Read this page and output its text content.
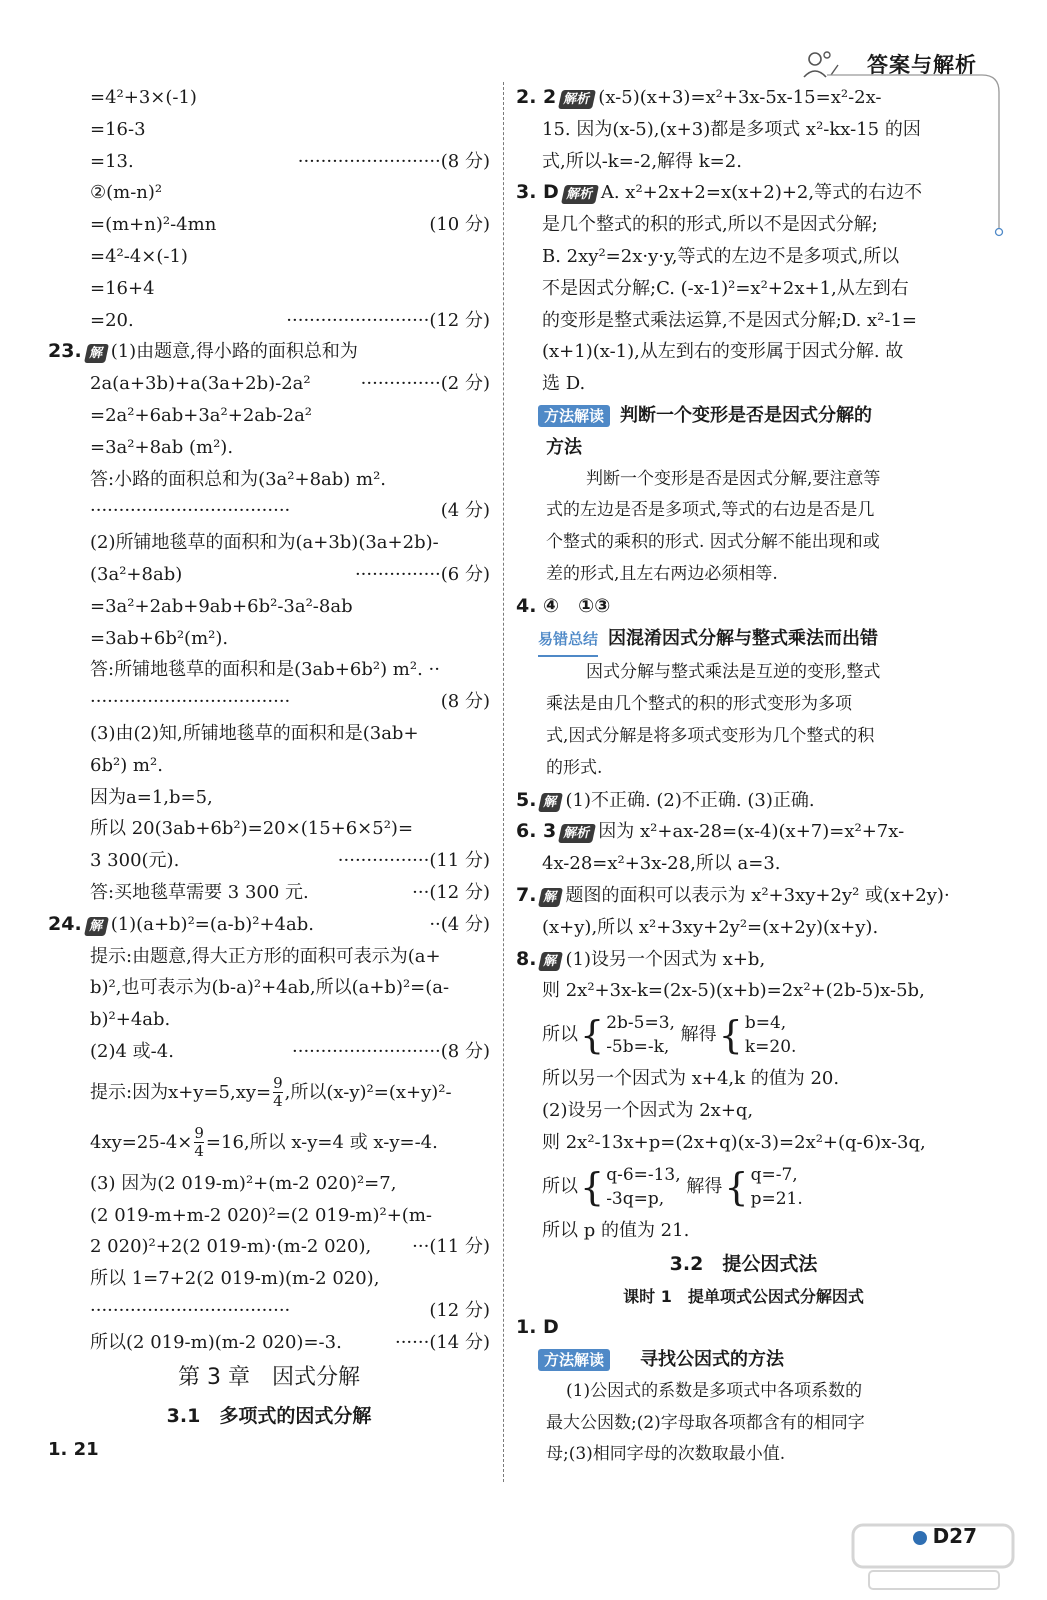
答案与解析
=4²+3×(-1)
=16-3
=13.	·························(8 分)
②(m-n)²
=(m+n)²-4mn	(10 分)
=4²-4×(-1)
=16+4
=20.	·························(12 分)
23. 解 (1)由题意,得小路的面积总和为
2a(a+3b)+a(3a+2b)-2a²	··············(2 分)
=2a²+6ab+3a²+2ab-2a²
=3a²+8ab (m²).
答:小路的面积总和为(3a²+8ab) m².
···································	(4 分)
(2)所铺地毯草的面积和为(a+3b)(3a+2b)-
(3a²+8ab)	···············(6 分)
=3a²+2ab+9ab+6b²-3a²-8ab
=3ab+6b²(m²).
答:所铺地毯草的面积和是(3ab+6b²) m². ··
···································	(8 分)
(3)由(2)知,所铺地毯草的面积和是(3ab+
6b²) m².
因为a=1,b=5,
所以 20(3ab+6b²)=20×(15+6×5²)=
3 300(元).	················(11 分)
答:买地毯草需要 3 300 元.	···(12 分)
24. 解 (1)(a+b)²=(a-b)²+4ab.	··(4 分)
提示:由题意,得大正方形的面积可表示为(a+
b)²,也可表示为(b-a)²+4ab,所以(a+b)²=(a-
b)²+4ab.
(2)4 或-4.	··························(8 分)
提示:因为$x+y=5,xy= \frac{9}{4}$ ,所以(x-y)²=(x+y)²-
$4xy=25-4\times \frac{9}{4} =16$,所以 x-y=4 或 x-y=-4.
(3) 因为(2 019-m)²+(m-2 020)²=7,
(2 019-m+m-2 020)²=(2 019-m)²+(m-
2 020)²+2(2 019-m)·(m-2 020), ···(11 分)
所以 1=7+2(2 019-m)(m-2 020),
···································	(12 分)
所以(2 019-m)(m-2 020)=-3.	······(14 分)
第 3 章　因式分解
3.1　多项式的因式分解
1. 21
2. 2 解析 (x-5)(x+3)=x²+3x-5x-15=x²-2x-
15. 因为(x-5),(x+3)都是多项式 x²-kx-15 的因
式,所以-k=-2,解得 k=2.
3. D 解析 A. x²+2x+2=x(x+2)+2,等式的右边不
是几个整式的积的形式,所以不是因式分解;
B. 2xy²=2x·y·y,等式的左边不是多项式,所以
不是因式分解;C. (-x-1)²=x²+2x+1,从左到右
的变形是整式乘法运算,不是因式分解;D. x²-1=
(x+1)(x-1),从左到右的变形属于因式分解. 故
选 D.
方法解读 判断一个变形是否是因式分解的
方法
判断一个变形是否是因式分解,要注意等
式的左边是否是多项式,等式的右边是否是几
个整式的乘积的形式. 因式分解不能出现和或
差的形式,且左右两边必须相等.
4. ④　①③
易错总结 因混淆因式分解与整式乘法而出错
因式分解与整式乘法是互逆的变形,整式
乘法是由几个整式的积的形式变形为多项
式,因式分解是将多项式变形为几个整式的积
的形式.
5. 解 (1)不正确. (2)不正确. (3)正确.
6. 3 解析 因为 x²+ax-28=(x-4)(x+7)=x²+7x-
4x-28=x²+3x-28,所以 a=3.
7. 解 题图的面积可以表示为 x²+3xy+2y² 或(x+2y)·
(x+y),所以 x²+3xy+2y²=(x+2y)(x+y).
8. 解 (1)设另一个因式为 x+b,
则 2x²+3x-k=(2x-5)(x+b)=2x²+(2b-5)x-5b,
所以{ 2b-5=3,
-5b=-k,
解得{ b=4,
k=20.
所以另一个因式为 x+4,k 的值为 20.
(2)设另一个因式为 2x+q,
则 2x²-13x+p=(2x+q)(x-3)=2x²+(q-6)x-3q,
所以{ q-6=-13,
-3q=p,
解得{ q=-7,
p=21.
所以 p 的值为 21.
3.2　提公因式法
课时 1　提单项式公因式分解因式
1. D
方法解读 寻找公因式的方法
(1)公因式的系数是多项式中各项系数的
最大公因数;(2)字母取各项都含有的相同字
母;(3)相同字母的次数取最小值.
D27
